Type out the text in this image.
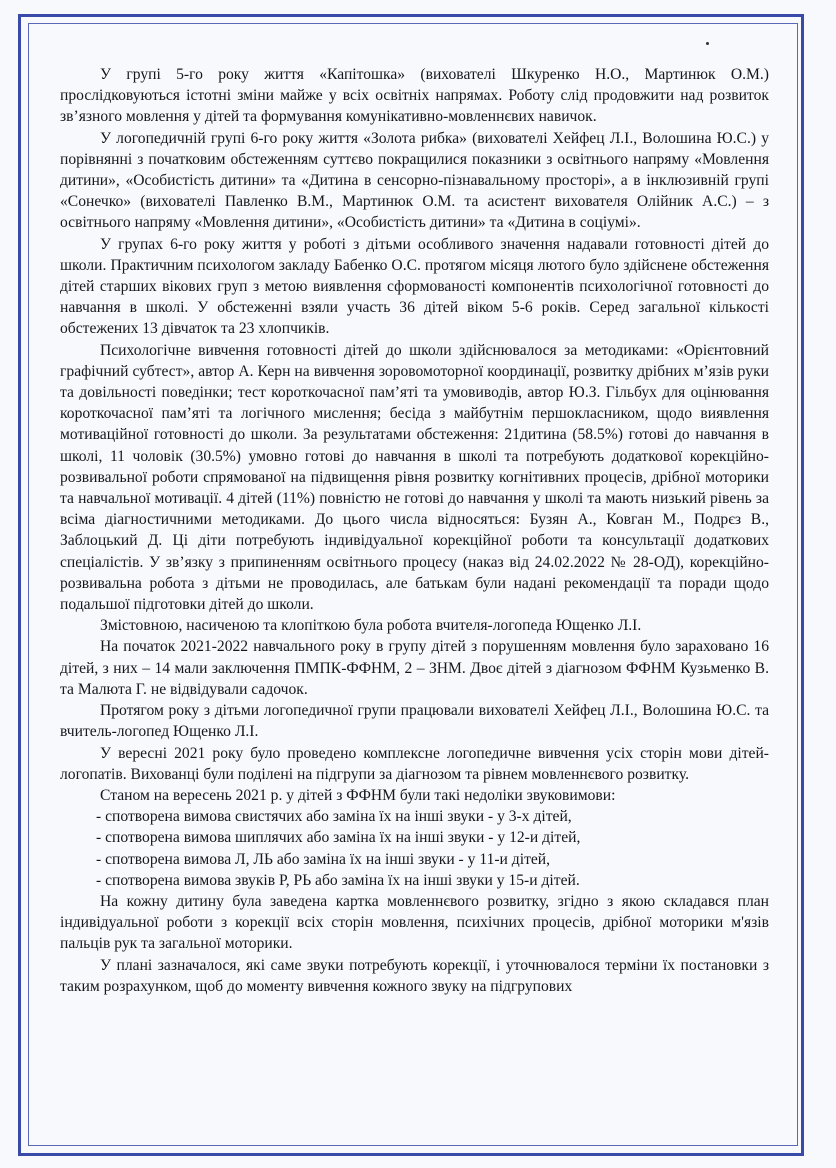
У групі 5-го року життя «Капітошка» (вихователі Шкуренко Н.О., Мартинюк О.М.) прослідковуються істотні зміни майже у всіх освітніх напрямах. Роботу слід продовжити над розвиток зв’язного мовлення у дітей та формування комунікативно-мовленнєвих навичок.

У логопедичній групі 6-го року життя «Золота рибка» (вихователі Хейфец Л.І., Волошина Ю.С.) у порівнянні з початковим обстеженням суттєво покращилися показники з освітнього напряму «Мовлення дитини», «Особистість дитини» та «Дитина в сенсорно-пізнавальному просторі», а в інклюзивній групі «Сонечко» (вихователі Павленко В.М., Мартинюк О.М. та асистент вихователя Олійник А.С.) – з освітнього напряму «Мовлення дитини», «Особистість дитини» та «Дитина в соціумі».

У групах 6-го року життя у роботі з дітьми особливого значення надавали готовності дітей до школи. Практичним психологом закладу Бабенко О.С. протягом місяця лютого було здійснене обстеження дітей старших вікових груп з метою виявлення сформованості компонентів психологічної готовності до навчання в школі. У обстеженні взяли участь 36 дітей віком 5-6 років. Серед загальної кількості обстежених 13 дівчаток та 23 хлопчиків.

Психологічне вивчення готовності дітей до школи здійснювалося за методиками: «Орієнтовний графічний субтест», автор А. Керн на вивчення зоровомоторної координації, розвитку дрібних м’язів руки та довільності поведінки; тест короткочасної пам’яті та умовиводів, автор Ю.З. Гільбух для оцінювання короткочасної пам’яті та логічного мислення; бесіда з майбутнім першокласником, щодо виявлення мотиваційної готовності до школи. За результатами обстеження: 21дитина (58.5%) готові до навчання в школі, 11 чоловік (30.5%) умовно готові до навчання в школі та потребують додаткової корекційно-розвивальної роботи спрямованої на підвищення рівня розвитку когнітивних процесів, дрібної моторики та навчальної мотивації. 4 дітей (11%) повністю не готові до навчання у школі та мають низький рівень за всіма діагностичними методиками. До цього числа відносяться: Бузян А., Ковган М., Подрєз В., Заблоцький Д. Ці діти потребують індивідуальної корекційної роботи та консультації додаткових спеціалістів. У зв’язку з припиненням освітнього процесу (наказ від 24.02.2022 № 28-ОД), корекційно-розвивальна робота з дітьми не проводилась, але батькам були надані рекомендації та поради щодо подальшої підготовки дітей до школи.

Змістовною, насиченою та клопіткою була робота вчителя-логопеда Ющенко Л.І.

На початок 2021-2022 навчального року в групу дітей з порушенням мовлення було зараховано 16 дітей, з них – 14 мали заключення ПМПК-ФФНМ, 2 – ЗНМ. Двоє дітей з діагнозом ФФНМ Кузьменко В. та Малюта Г. не відвідували садочок.

Протягом року з дітьми логопедичної групи працювали вихователі Хейфец Л.І., Волошина Ю.С. та вчитель-логопед Ющенко Л.І.

У вересні 2021 року було проведено комплексне логопедичне вивчення усіх сторін мови дітей-логопатів. Вихованці були поділені на підгрупи за діагнозом та рівнем мовленнєвого розвитку.

Станом на вересень 2021 р. у дітей з ФФНМ були такі недоліки звуковимови:

- спотворена вимова свистячих або заміна їх на інші звуки - у 3-х дітей,

- спотворена вимова шиплячих або заміна їх на інші звуки - у 12-и дітей,

- спотворена вимова Л, ЛЬ або заміна їх на інші звуки - у 11-и дітей,

- спотворена вимова звуків Р, РЬ або заміна їх на інші звуки у 15-и дітей.

На кожну дитину була заведена картка мовленнєвого розвитку, згідно з якою складався план індивідуальної роботи з корекції всіх сторін мовлення, психічних процесів, дрібної моторики м'язів пальців рук та загальної моторики.

У плані зазначалося, які саме звуки потребують корекції, і уточнювалося терміни їх постановки з таким розрахунком, щоб до моменту вивчення кожного звуку на підгрупових
